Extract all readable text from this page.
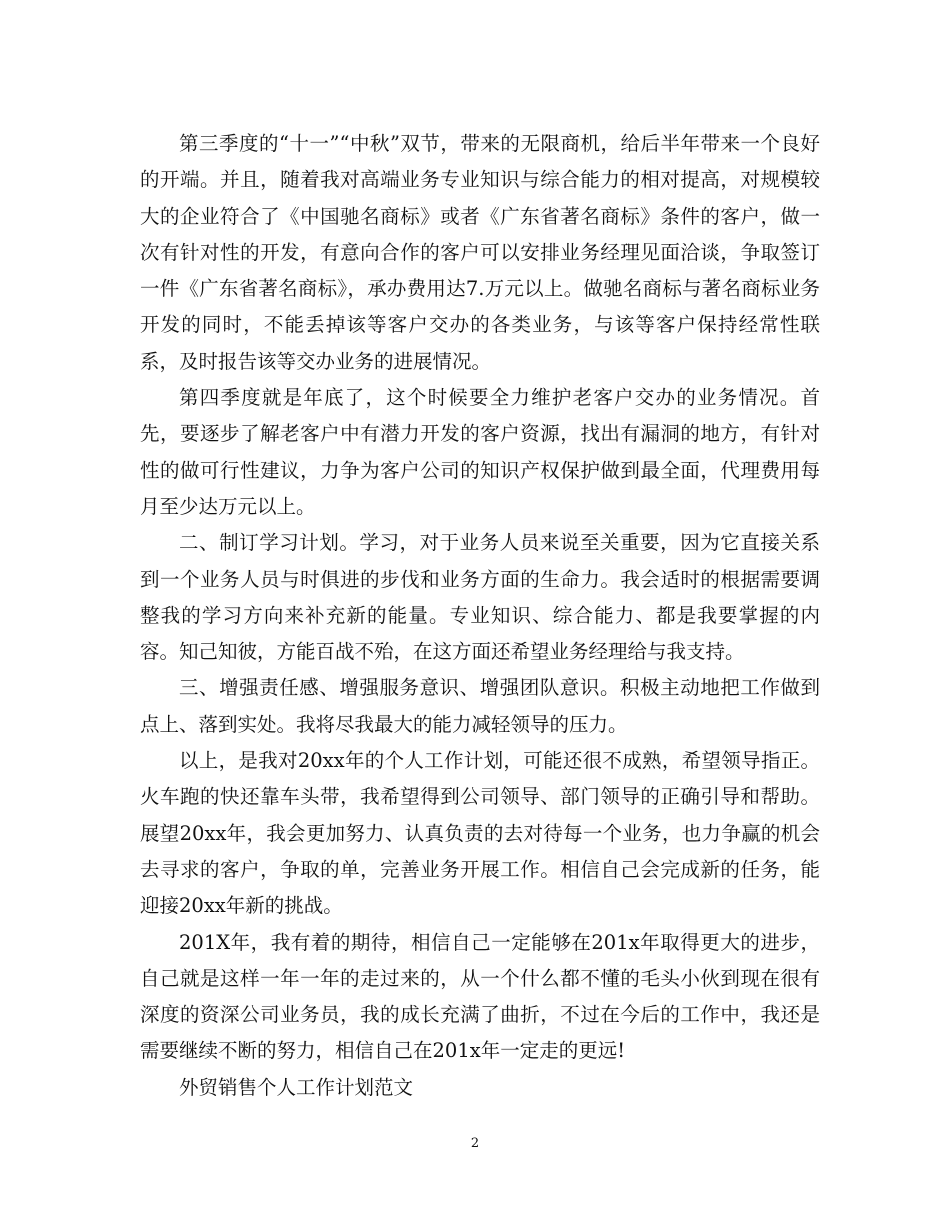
第三季度的“十一”“中秋”双节，带来的无限商机，给后半年带来一个良好的开端。并且，随着我对高端业务专业知识与综合能力的相对提高，对规模较大的企业符合了《中国驰名商标》或者《广东省著名商标》条件的客户，做一次有针对性的开发，有意向合作的客户可以安排业务经理见面洽谈，争取签订一件《广东省著名商标》，承办费用达7.万元以上。做驰名商标与著名商标业务开发的同时，不能丢掉该等客户交办的各类业务，与该等客户保持经常性联系，及时报告该等交办业务的进展情况。

第四季度就是年底了，这个时候要全力维护老客户交办的业务情况。首先，要逐步了解老客户中有潜力开发的客户资源，找出有漏洞的地方，有针对性的做可行性建议，力争为客户公司的知识产权保护做到最全面，代理费用每月至少达万元以上。

二、制订学习计划。学习，对于业务人员来说至关重要，因为它直接关系到一个业务人员与时俱进的步伐和业务方面的生命力。我会适时的根据需要调整我的学习方向来补充新的能量。专业知识、综合能力、都是我要掌握的内容。知己知彼，方能百战不殆，在这方面还希望业务经理给与我支持。

三、增强责任感、增强服务意识、增强团队意识。积极主动地把工作做到点上、落到实处。我将尽我最大的能力减轻领导的压力。

以上，是我对20xx年的个人工作计划，可能还很不成熟，希望领导指正。火车跑的快还靠车头带，我希望得到公司领导、部门领导的正确引导和帮助。展望20xx年，我会更加努力、认真负责的去对待每一个业务，也力争赢的机会去寻求的客户，争取的单，完善业务开展工作。相信自己会完成新的任务，能迎接20xx年新的挑战。

201X年，我有着的期待，相信自己一定能够在201x年取得更大的进步，自己就是这样一年一年的走过来的，从一个什么都不懂的毛头小伙到现在很有深度的资深公司业务员，我的成长充满了曲折，不过在今后的工作中，我还是需要继续不断的努力，相信自己在201x年一定走的更远!

外贸销售个人工作计划范文

2
